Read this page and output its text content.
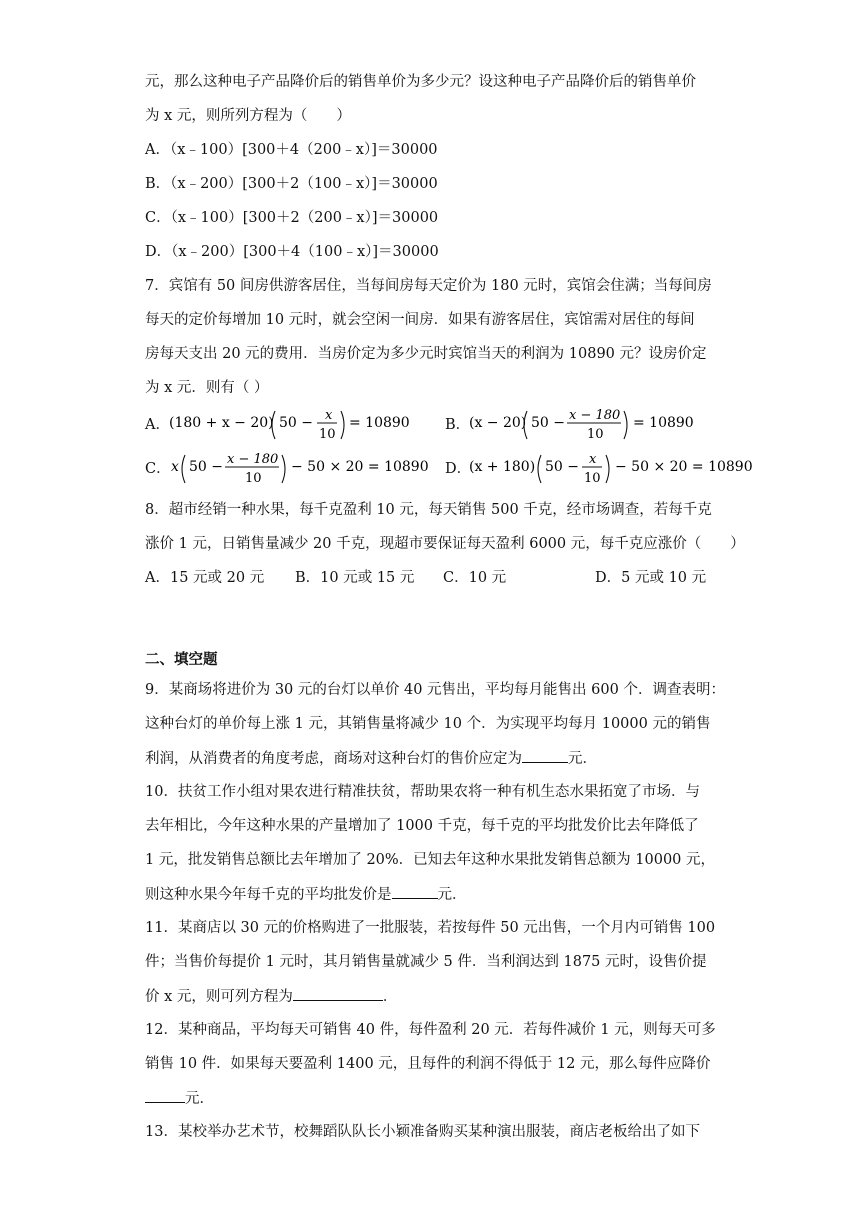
元，那么这种电子产品降价后的销售单价为多少元？设这种电子产品降价后的销售单价
为 x 元，则所列方程为（　　）
A．（x﹣100）[300＋4（200﹣x）]＝30000
B．（x﹣200）[300＋2（100﹣x）]＝30000
C．（x﹣100）[300＋2（200﹣x）]＝30000
D．（x﹣200）[300＋4（100﹣x）]＝30000
7．宾馆有 50 间房供游客居住，当每间房每天定价为 180 元时，宾馆会住满；当每间房
每天的定价每增加 10 元时，就会空闲一间房．如果有游客居住，宾馆需对居住的每间
房每天支出 20 元的费用．当房价定为多少元时宾馆当天的利润为 10890 元？设房价定
为 x 元．则有（ ）
A． (180 + x − 20) 50 − x
10
= 10890 B．
(x − 20) 50 − x − 180
10
= 10890
C． x 50 − x − 180
10
− 50 × 20 = 10890 D．
(x + 180) 50 − x
10
− 50 × 20 = 10890
8．超市经销一种水果，每千克盈利 10 元，每天销售 500 千克，经市场调查，若每千克
涨价 1 元，日销售量减少 20 千克，现超市要保证每天盈利 6000 元，每千克应涨价（　　）
A．15 元或 20 元 B．10 元或 15 元 C．10 元	D．5 元或 10 元
二、填空题
9．某商场将进价为 30 元的台灯以单价 40 元售出，平均每月能售出 600 个．调查表明：
这种台灯的单价每上涨 1 元，其销售量将减少 10 个．为实现平均每月 10000 元的销售
利润，从消费者的角度考虑，商场对这种台灯的售价应定为	元．
10．扶贫工作小组对果农进行精准扶贫，帮助果农将一种有机生态水果拓宽了市场．与
去年相比，今年这种水果的产量增加了 1000 千克，每千克的平均批发价比去年降低了
1 元，批发销售总额比去年增加了 20%．已知去年这种水果批发销售总额为 10000 元，
则这种水果今年每千克的平均批发价是	元．
11．某商店以 30 元的价格购进了一批服装，若按每件 50 元出售，一个月内可销售 100
件；当售价每提价 1 元时，其月销售量就减少 5 件．当利润达到 1875 元时，设售价提
价 x 元，则可列方程为	．
12．某种商品，平均每天可销售 40 件，每件盈利 20 元．若每件减价 1 元，则每天可多
销售 10 件．如果每天要盈利 1400 元，且每件的利润不得低于 12 元，那么每件应降价
元．
13．某校举办艺术节，校舞蹈队队长小颖准备购买某种演出服装，商店老板给出了如下
